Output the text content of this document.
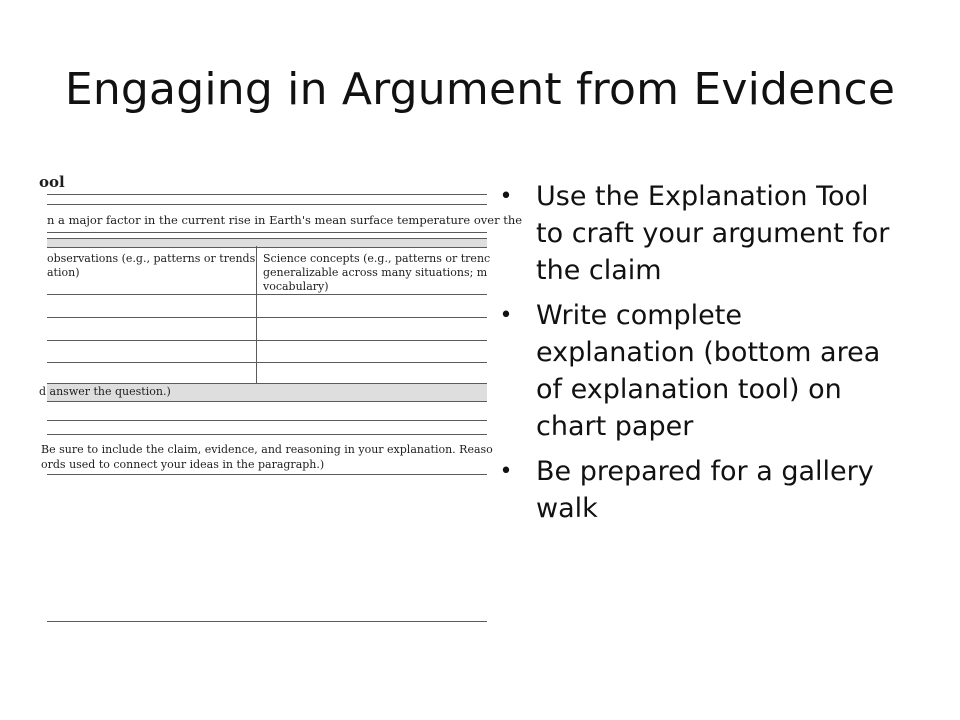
Engaging in Argument from Evidence
ool
n a major factor in the current rise in Earth's mean surface temperature over the
observations (e.g., patterns or trends
ation)
Science concepts (e.g., patterns or trenc
generalizable across many situations; m
vocabulary)
d answer the question.)
Be sure to include the claim, evidence, and reasoning in your explanation. Reaso
ords used to connect your ideas in the paragraph.)
• Use the Explanation Tool to craft your argument for the claim
• Write complete explanation (bottom area of explanation tool) on chart paper
• Be prepared for a gallery walk
